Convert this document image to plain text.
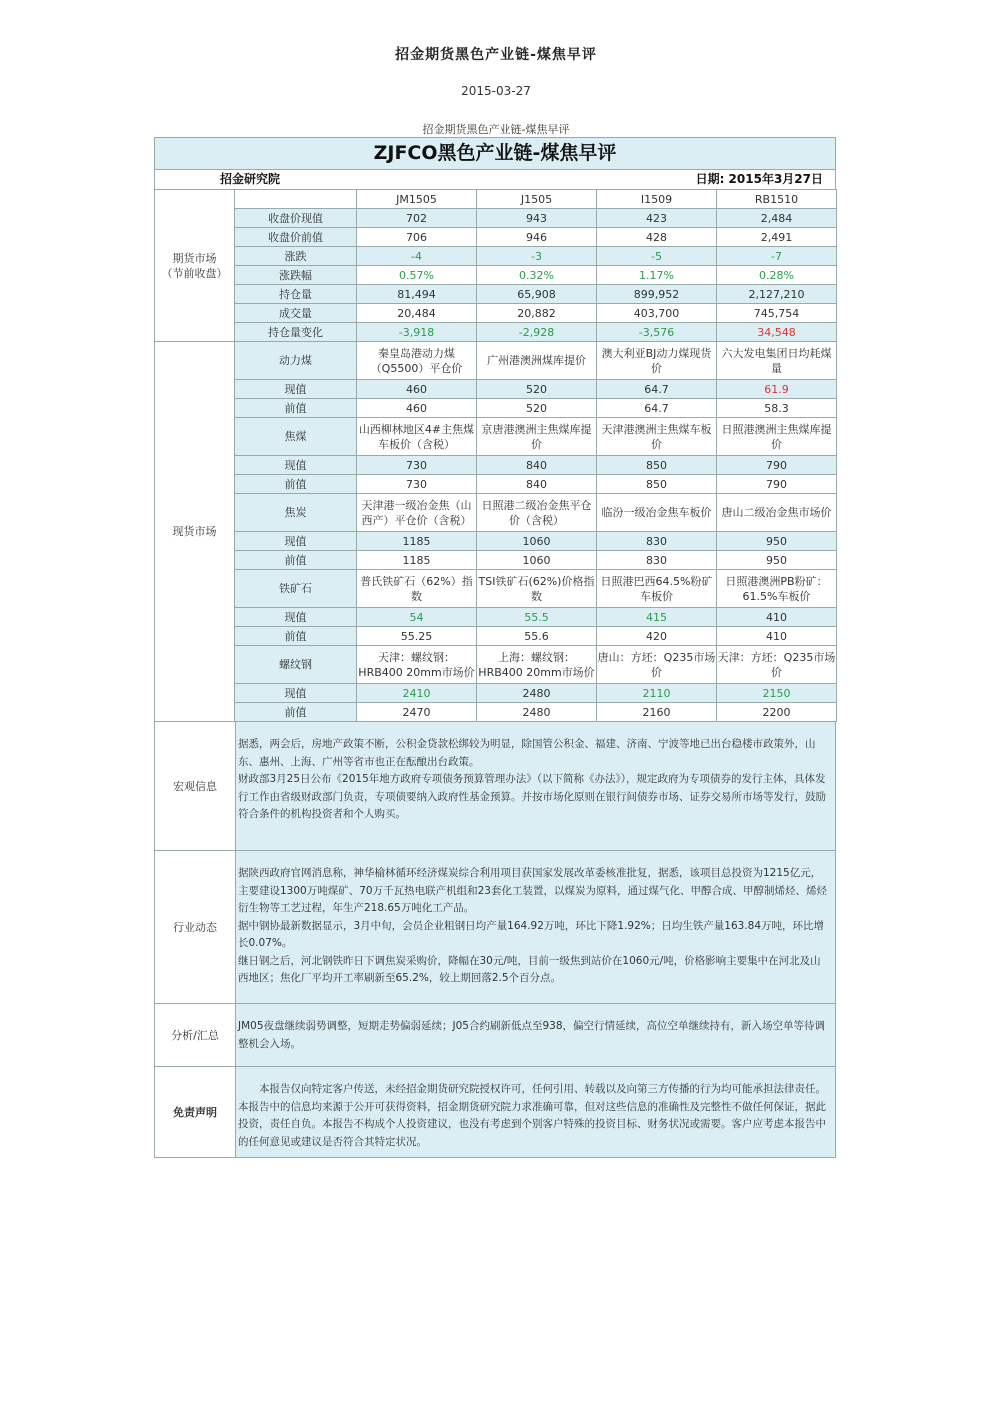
招金期货黑色产业链-煤焦早评
2015-03-27
招金期货黑色产业链-煤焦早评
ZJFCO黑色产业链-煤焦早评
招金研究院	日期: 2015年3月27日
期货市场
（节前收盘）		JM1505	J1505	I1509	RB1510
	收盘价现值	702	943	423	2,484
	收盘价前值	706	946	428	2,491
	涨跌	-4	-3	-5	-7
	涨跌幅	0.57%	0.32%	1.17%	0.28%
	持仓量	81,494	65,908	899,952	2,127,210
	成交量	20,484	20,882	403,700	745,754
	持仓量变化	-3,918	-2,928	-3,576	34,548
现货市场	动力煤	秦皇岛港动力煤（Q5500）平仓价	广州港澳洲煤库提价	澳大利亚BJ动力煤现货价	六大发电集团日均耗煤量
	现值	460	520	64.7	61.9
	前值	460	520	64.7	58.3
	焦煤	山西柳林地区4#主焦煤车板价（含税）	京唐港澳洲主焦煤库提价	天津港澳洲主焦煤车板价	日照港澳洲主焦煤库提价
	现值	730	840	850	790
	前值	730	840	850	790
	焦炭	天津港一级冶金焦（山西产）平仓价（含税）	日照港二级冶金焦平仓价（含税）	临汾一级冶金焦车板价	唐山二级冶金焦市场价
	现值	1185	1060	830	950
	前值	1185	1060	830	950
	铁矿石	普氏铁矿石（62%）指数	TSI铁矿石(62%)价格指数	日照港巴西64.5%粉矿车板价	日照港澳洲PB粉矿：61.5%车板价
	现值	54	55.5	415	410
	前值	55.25	55.6	420	410
	螺纹钢	天津：螺纹钢：HRB400 20mm市场价	上海：螺纹钢：HRB400 20mm市场价	唐山：方坯：Q235市场价	天津：方坯：Q235市场价
	现值	2410	2480	2110	2150
	前值	2470	2480	2160	2200
宏观信息

据悉，两会后，房地产政策不断，公积金贷款松绑较为明显，除国管公积金、福建、济南、宁波等地已出台稳楼市政策外，山东、惠州、上海、广州等省市也正在酝酿出台政策。

财政部3月25日公布《2015年地方政府专项债务预算管理办法》（以下简称《办法》），规定政府为专项债券的发行主体，具体发行工作由省级财政部门负责，专项债要纳入政府性基金预算。并按市场化原则在银行间债券市场、证券交易所市场等发行，鼓励符合条件的机构投资者和个人购买。

行业动态

据陕西政府官网消息称，神华榆林循环经济煤炭综合利用项目获国家发展改革委核准批复，据悉，该项目总投资为1215亿元，主要建设1300万吨煤矿、70万千瓦热电联产机组和23套化工装置，以煤炭为原料，通过煤气化、甲醇合成、甲醇制烯烃、烯烃衍生物等工艺过程，年生产218.65万吨化工产品。

据中钢协最新数据显示，3月中旬，会员企业粗钢日均产量164.92万吨，环比下降1.92%；日均生铁产量163.84万吨，环比增长0.07%。

继日钢之后，河北钢铁昨日下调焦炭采购价，降幅在30元/吨，目前一级焦到站价在1060元/吨，价格影响主要集中在河北及山西地区；焦化厂平均开工率刷新至65.2%，较上期回落2.5个百分点。

分析/汇总

JM05夜盘继续弱势调整，短期走势偏弱延续；J05合约刷新低点至938，偏空行情延续，高位空单继续持有，新入场空单等待调整机会入场。

免责声明

　　本报告仅向特定客户传送，未经招金期货研究院授权许可，任何引用、转载以及向第三方传播的行为均可能承担法律责任。本报告中的信息均来源于公开可获得资料，招金期货研究院力求准确可靠，但对这些信息的准确性及完整性不做任何保证，据此投资，责任自负。本报告不构成个人投资建议，也没有考虑到个别客户特殊的投资目标、财务状况或需要。客户应考虑本报告中的任何意见或建议是否符合其特定状况。
